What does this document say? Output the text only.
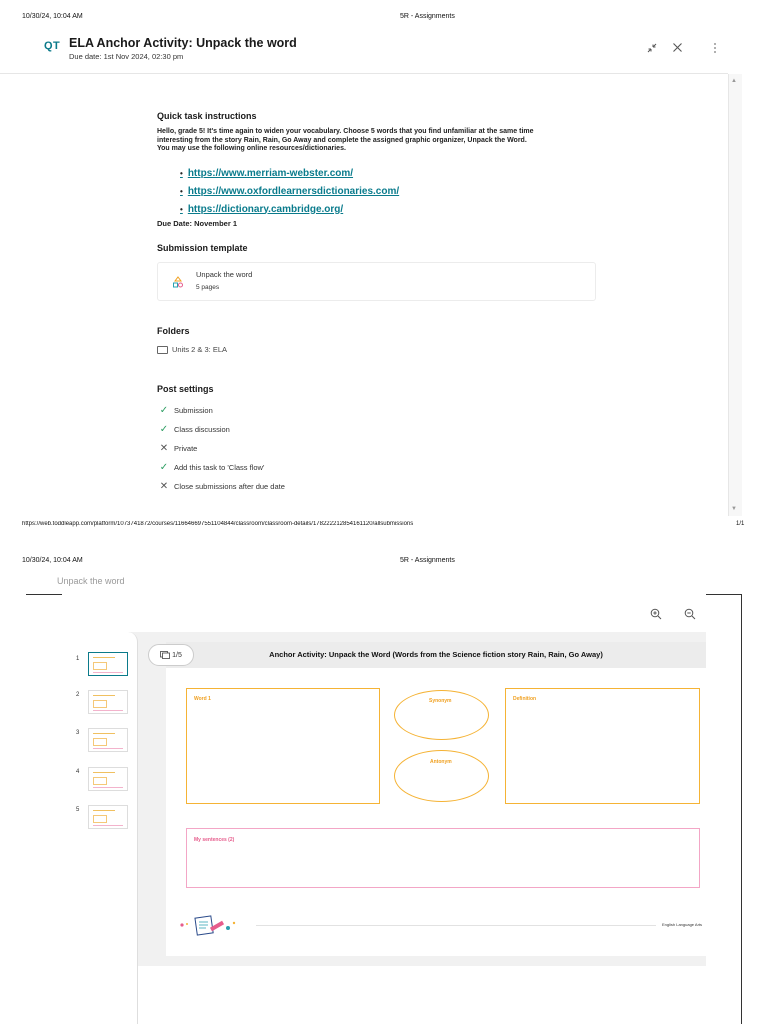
10/30/24, 10:04 AM	5R - Assignments
QT ELA Anchor Activity: Unpack the word
Due date: 1st Nov 2024, 02:30 pm
▲
▼
Quick task instructions
Hello, grade 5! It's time again to widen your vocabulary. Choose 5 words that you find unfamiliar at the same time
interesting from the story Rain, Rain, Go Away and complete the assigned graphic organizer, Unpack the Word.
You may use the following online resources/dictionaries.
• https://www.merriam-webster.com/
• https://www.oxfordlearnersdictionaries.com/
• https://dictionary.cambridge.org/
Due Date: November 1
Submission template
Unpack the word
5 pages
Folders
Units 2 & 3: ELA
Post settings
✓ Submission
✓ Class discussion
✕ Private
✓ Add this task to 'Class flow'
✕ Close submissions after due date
https://web.toddleapp.com/platform/1073741872/courses/116646697551104844/classroom/classroom-details/1782222128541611​20/allsubmissions	1/1
10/30/24, 10:04 AM	5R - Assignments
Unpack the word
1
2
3
4
5
Anchor Activity: Unpack the Word (Words from the Science fiction story Rain, Rain, Go Away)
1/5
Word 1	Synonym
Antonym
Definition
My sentences (2)
English Language Arts
